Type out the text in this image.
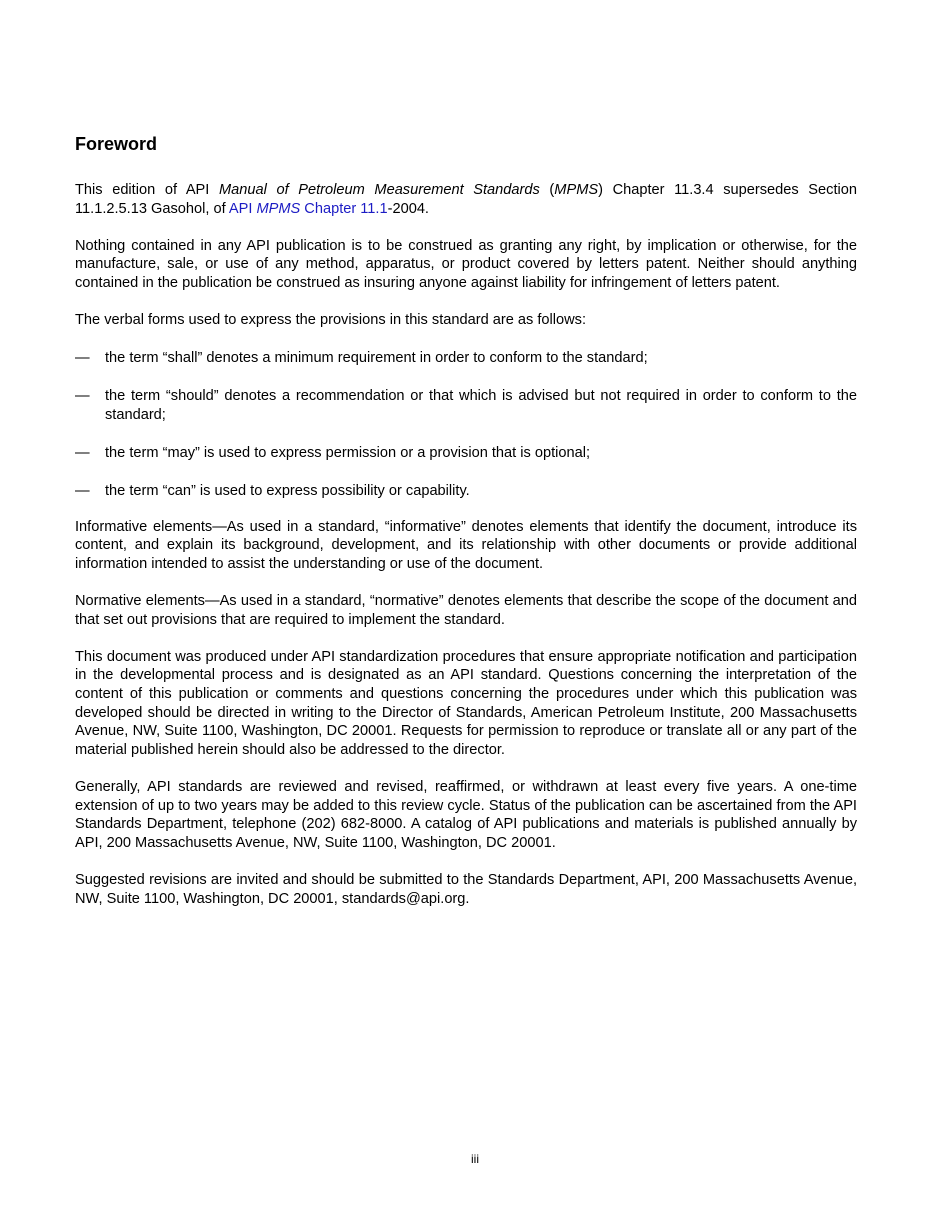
Foreword

This edition of API Manual of Petroleum Measurement Standards (MPMS) Chapter 11.3.4 supersedes Section 11.1.2.5.13 Gasohol, of API MPMS Chapter 11.1-2004.

Nothing contained in any API publication is to be construed as granting any right, by implication or otherwise, for the manufacture, sale, or use of any method, apparatus, or product covered by letters patent. Neither should anything contained in the publication be construed as insuring anyone against liability for infringement of letters patent.

The verbal forms used to express the provisions in this standard are as follows:

— the term “shall” denotes a minimum requirement in order to conform to the standard;
— the term “should” denotes a recommendation or that which is advised but not required in order to conform to the standard;
— the term “may” is used to express permission or a provision that is optional;
— the term “can” is used to express possibility or capability.

Informative elements—As used in a standard, “informative” denotes elements that identify the document, introduce its content, and explain its background, development, and its relationship with other documents or provide additional information intended to assist the understanding or use of the document.

Normative elements—As used in a standard, “normative” denotes elements that describe the scope of the document and that set out provisions that are required to implement the standard.

This document was produced under API standardization procedures that ensure appropriate notification and participation in the developmental process and is designated as an API standard. Questions concerning the interpretation of the content of this publication or comments and questions concerning the procedures under which this publication was developed should be directed in writing to the Director of Standards, American Petroleum Institute, 200 Massachusetts Avenue, NW, Suite 1100, Washington, DC 20001. Requests for permission to reproduce or translate all or any part of the material published herein should also be addressed to the director.

Generally, API standards are reviewed and revised, reaffirmed, or withdrawn at least every five years. A one-time extension of up to two years may be added to this review cycle. Status of the publication can be ascertained from the API Standards Department, telephone (202) 682-8000. A catalog of API publications and materials is published annually by API, 200 Massachusetts Avenue, NW, Suite 1100, Washington, DC 20001.

Suggested revisions are invited and should be submitted to the Standards Department, API, 200 Massachusetts Avenue, NW, Suite 1100, Washington, DC 20001, standards@api.org.

iii
